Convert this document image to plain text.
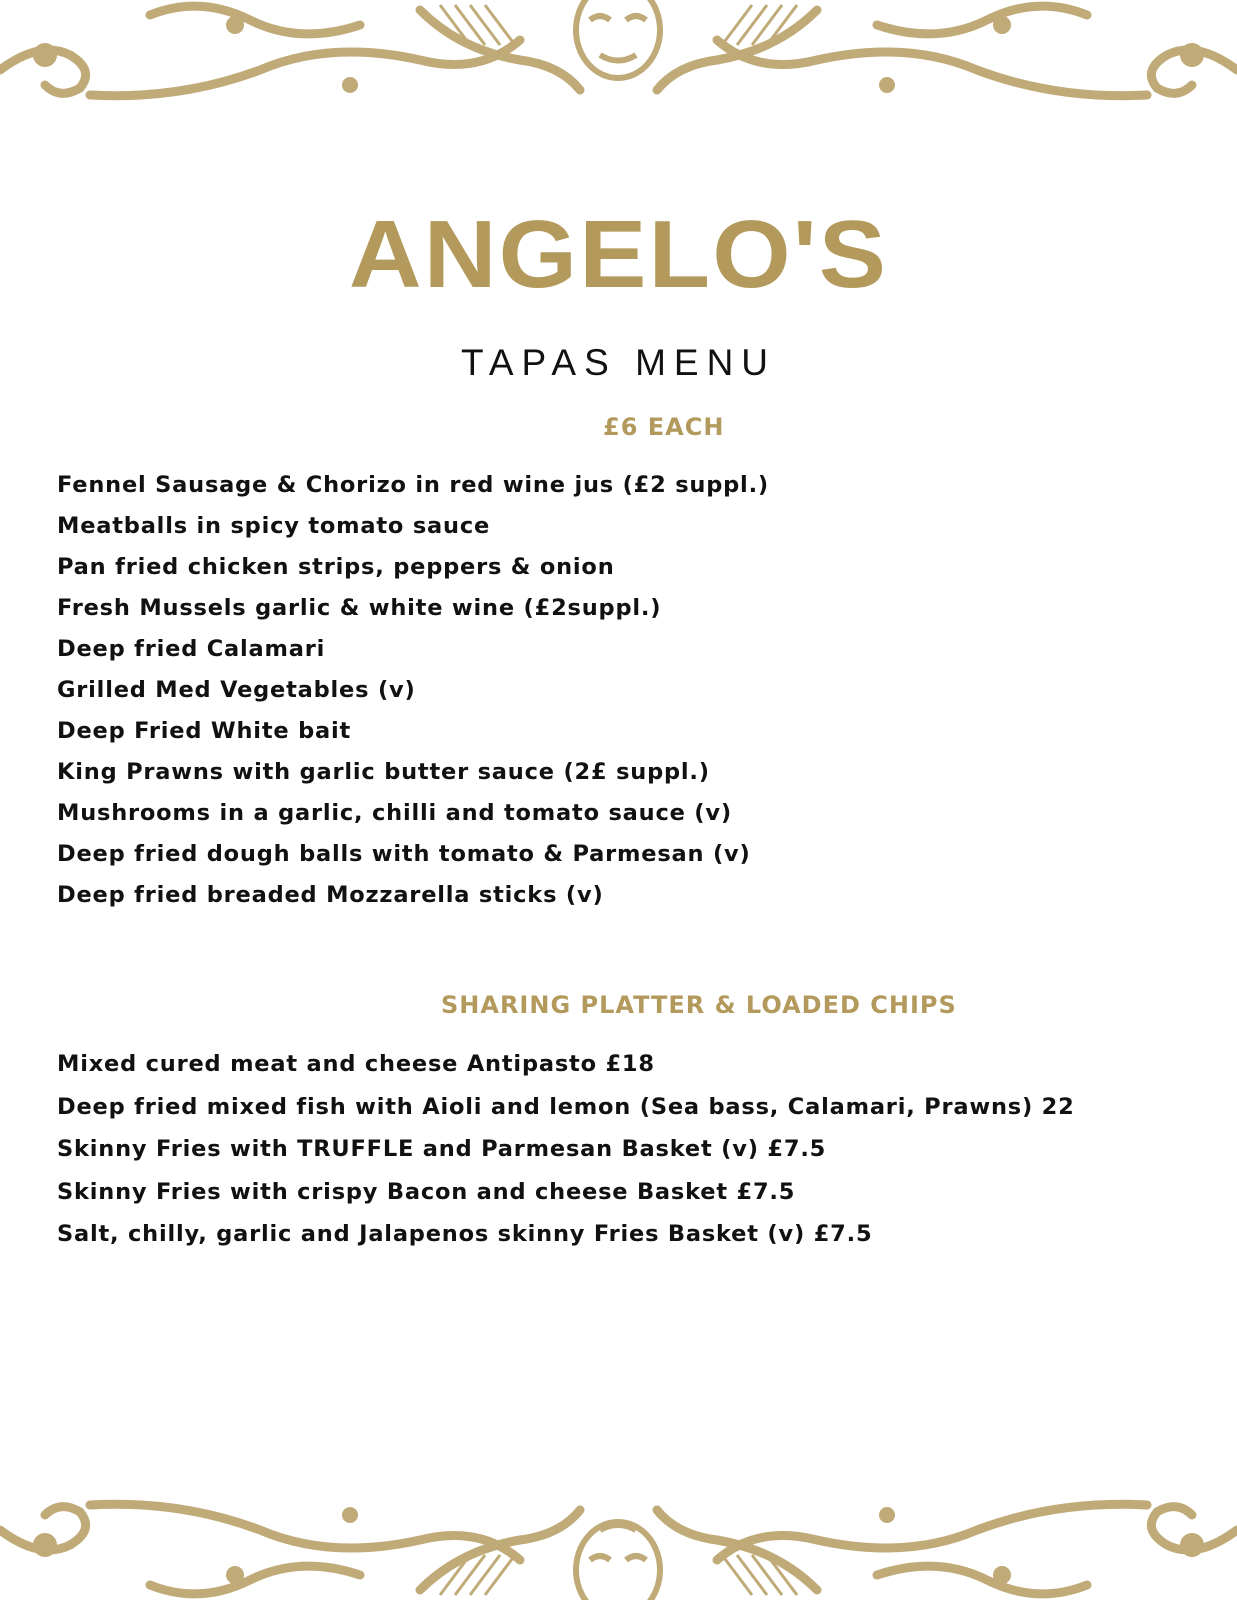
ANGELO'S
TAPAS MENU
£6 EACH
Fennel Sausage & Chorizo in red wine jus (£2 suppl.)
Meatballs in spicy tomato sauce
Pan fried chicken strips, peppers & onion
Fresh Mussels garlic & white wine (£2suppl.)
Deep fried Calamari
Grilled Med Vegetables (v)
Deep Fried White bait
King Prawns with garlic butter sauce (2£ suppl.)
Mushrooms in a garlic, chilli and tomato sauce (v)
Deep fried dough balls with tomato & Parmesan (v)
Deep fried breaded Mozzarella sticks (v)
SHARING PLATTER & LOADED CHIPS
Mixed cured meat and cheese Antipasto £18
Deep fried mixed fish with Aioli and lemon (Sea bass, Calamari, Prawns) 22
Skinny Fries with TRUFFLE and Parmesan Basket (v) £7.5
Skinny Fries with crispy Bacon and cheese Basket £7.5
Salt, chilly, garlic and Jalapenos skinny Fries Basket (v) £7.5
